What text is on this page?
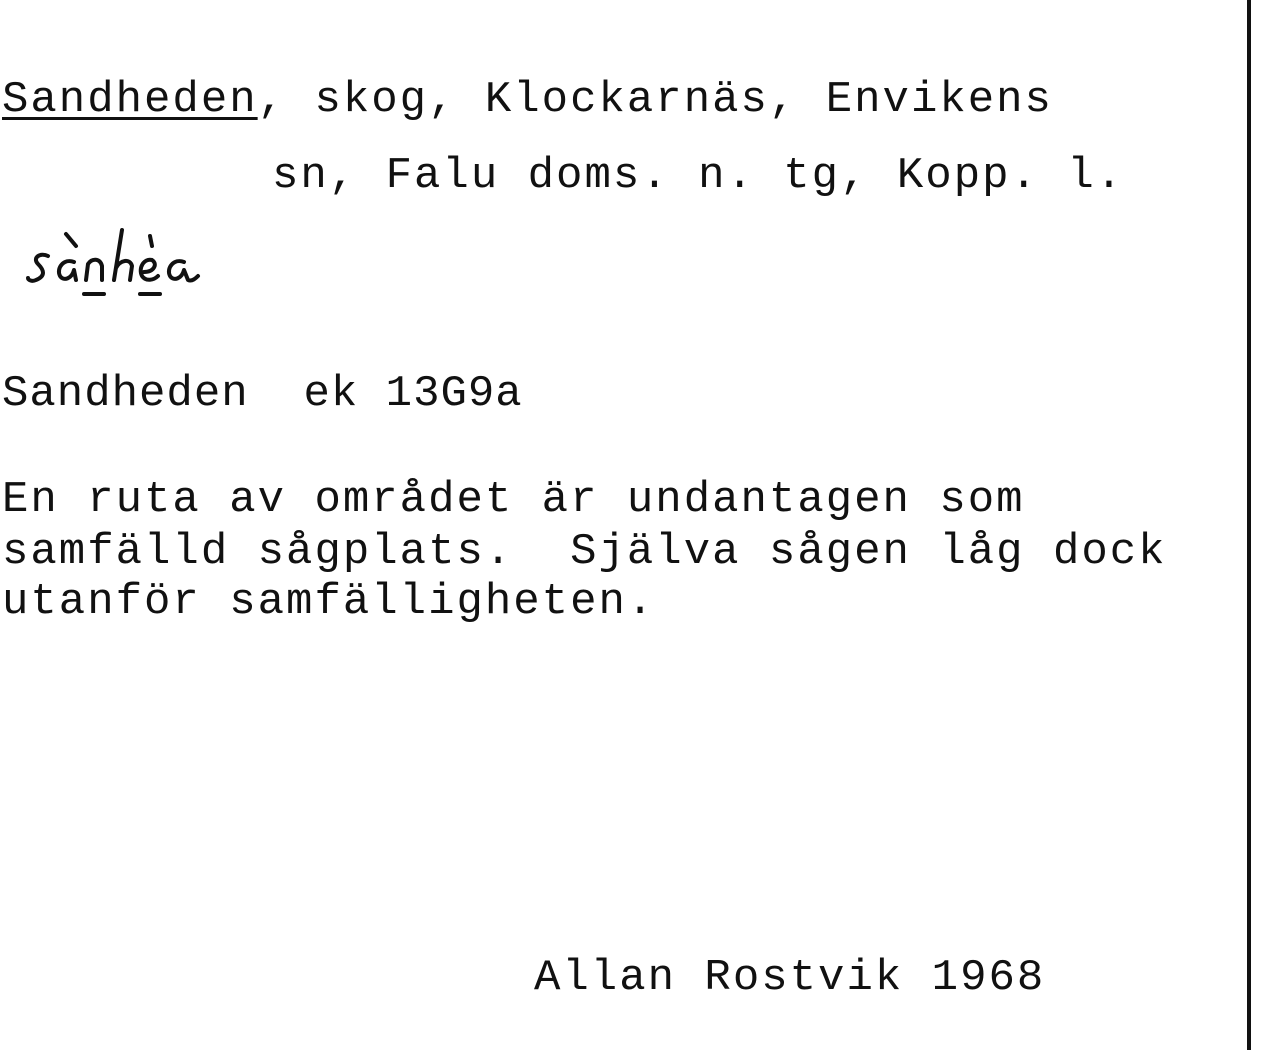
Sandheden, skog, Klockarnäs, Envikens
sn, Falu doms. n. tg, Kopp. l.
Sandheden  ek 13G9a
En ruta av området är undantagen som
samfälld sågplats.  Själva sågen låg dock
utanför samfälligheten.
Allan Rostvik 1968
